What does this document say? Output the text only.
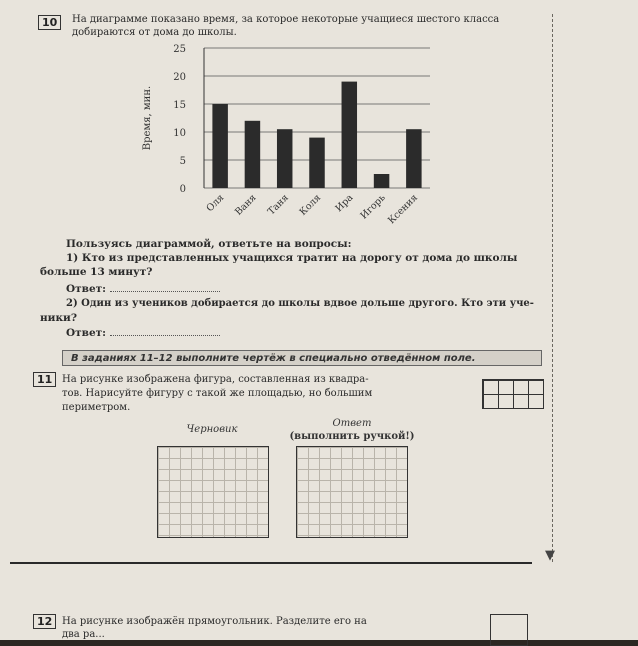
10	На диаграмме показано время, за которое некоторые учащиеся шестого класса
добираются от дома до школы.
0
5
10
15
20
25
Время, мин.
Оля Ваня Таня Коля Ира Игорь
Ксения
Пользуясь диаграммой, ответьте на вопросы:
1) Кто из представленных учащихся тратит на дорогу от дома до школы
больше 13 минут?
Ответ:
2) Один из учеников добирается до школы вдвое дольше другого. Кто эти уче-
ники?
Ответ:
В заданиях 11–12 выполните чертёж в специально отведённом поле.
11 На рисунке изображена фигура, составленная из квадра-
тов. Нарисуйте фигуру с такой же площадью, но большим
периметром.
Черновик
Ответ
(выполнить ручкой!)
▼
12 На рисунке изображён прямоугольник. Разделите его на
два ра...
